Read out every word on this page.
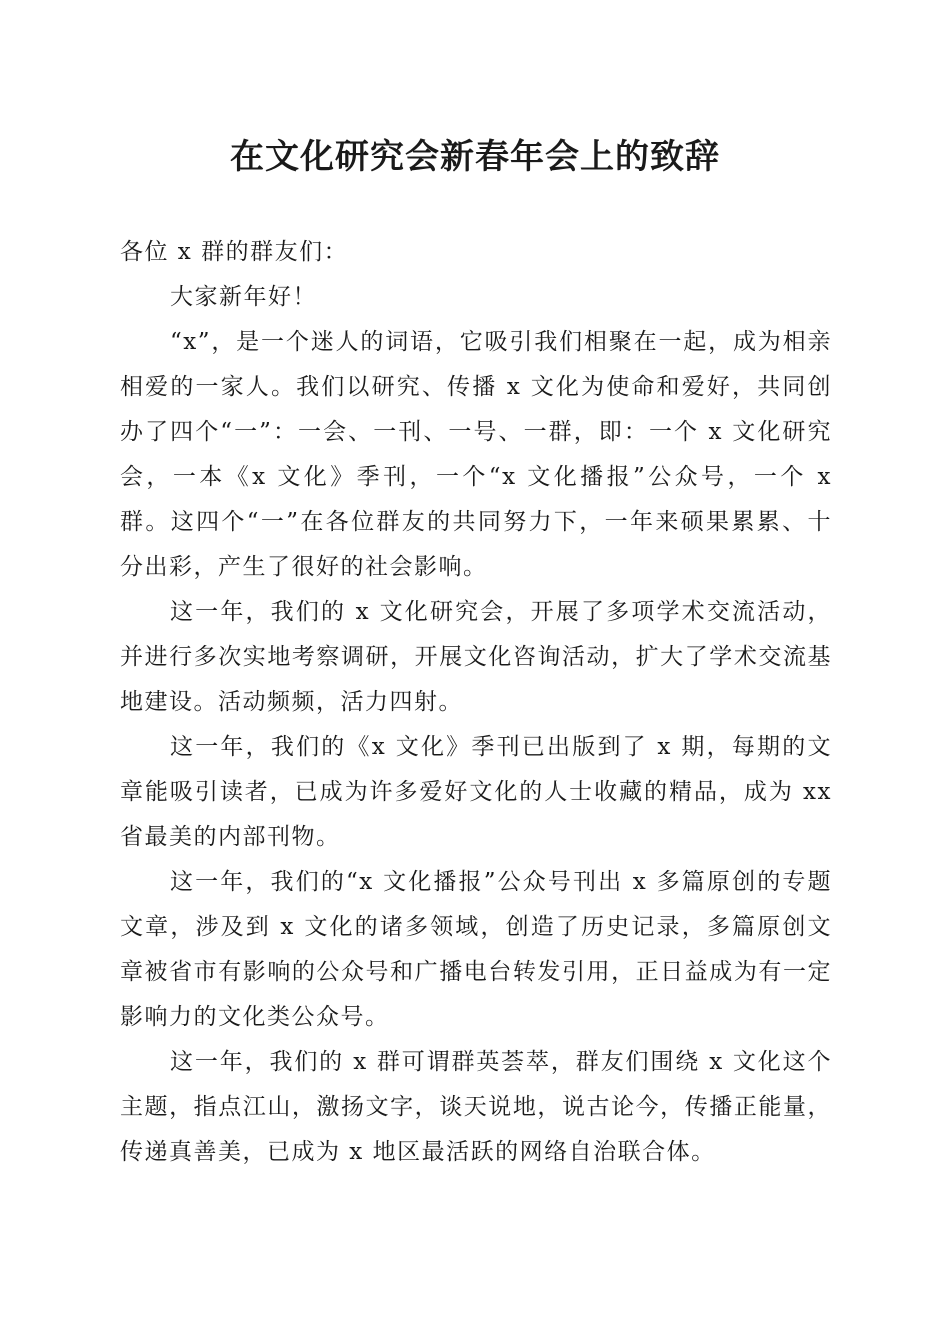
在文化研究会新春年会上的致辞

各位 x 群的群友们：

大家新年好！

“x”，是一个迷人的词语，它吸引我们相聚在一起，成为相亲相爱的一家人。我们以研究、传播 x 文化为使命和爱好，共同创办了四个“一”：一会、一刊、一号、一群，即：一个 x 文化研究会，一本《x 文化》季刊，一个“x 文化播报”公众号，一个 x 群。这四个“一”在各位群友的共同努力下，一年来硕果累累、十分出彩，产生了很好的社会影响。

这一年，我们的 x 文化研究会，开展了多项学术交流活动，并进行多次实地考察调研，开展文化咨询活动，扩大了学术交流基地建设。活动频频，活力四射。

这一年，我们的《x 文化》季刊已出版到了 x 期，每期的文章能吸引读者，已成为许多爱好文化的人士收藏的精品，成为 xx 省最美的内部刊物。

这一年，我们的“x 文化播报”公众号刊出 x 多篇原创的专题文章，涉及到 x 文化的诸多领域，创造了历史记录，多篇原创文章被省市有影响的公众号和广播电台转发引用，正日益成为有一定影响力的文化类公众号。

这一年，我们的 x 群可谓群英荟萃，群友们围绕 x 文化这个主题，指点江山，激扬文字，谈天说地，说古论今，传播正能量，传递真善美，已成为 x 地区最活跃的网络自治联合体。
